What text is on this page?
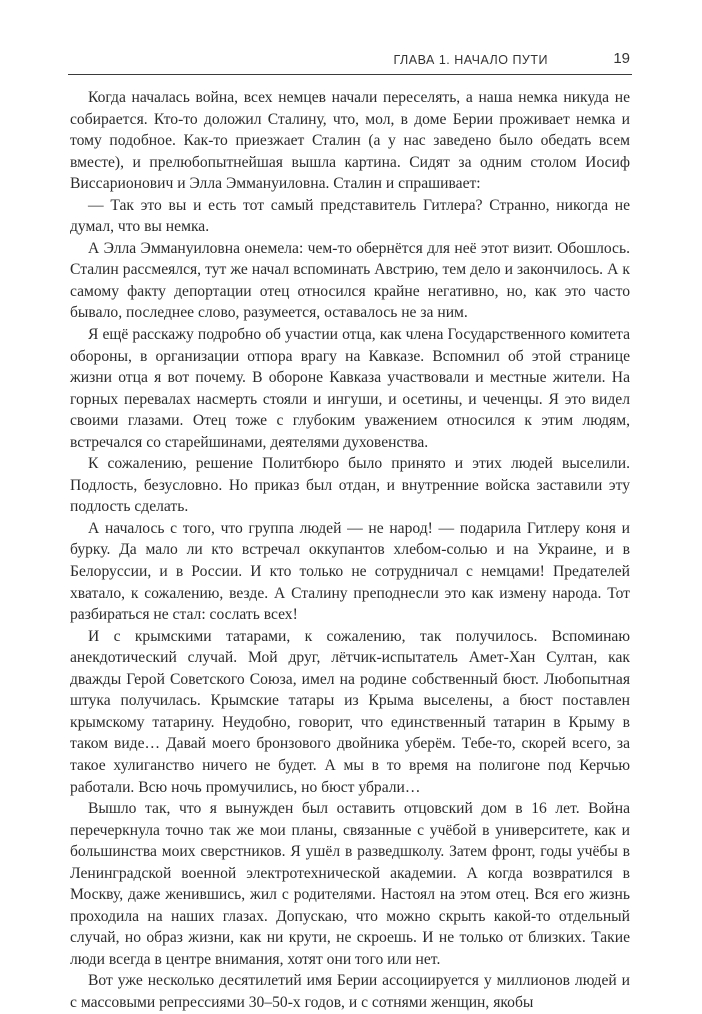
ГЛАВА 1. НАЧАЛО ПУТИ	19

Когда началась война, всех немцев начали переселять, а наша немка никуда не собирается. Кто-то доложил Сталину, что, мол, в доме Берии проживает немка и тому подобное. Как-то приезжает Сталин (а у нас заведено было обедать всем вместе), и прелюбопытнейшая вышла картина. Сидят за одним столом Иосиф Виссарионович и Элла Эммануиловна. Сталин и спрашивает:

— Так это вы и есть тот самый представитель Гитлера? Странно, никогда не думал, что вы немка.

А Элла Эммануиловна онемела: чем-то обернётся для неё этот визит. Обошлось. Сталин рассмеялся, тут же начал вспоминать Австрию, тем дело и закончилось. А к самому факту депортации отец относился крайне негативно, но, как это часто бывало, последнее слово, разумеется, оставалось не за ним.

Я ещё расскажу подробно об участии отца, как члена Государственного комитета обороны, в организации отпора врагу на Кавказе. Вспомнил об этой странице жизни отца я вот почему. В обороне Кавказа участвовали и местные жители. На горных перевалах насмерть стояли и ингуши, и осетины, и чеченцы. Я это видел своими глазами. Отец тоже с глубоким уважением относился к этим людям, встречался со старейшинами, деятелями духовенства.

К сожалению, решение Политбюро было принято и этих людей выселили. Подлость, безусловно. Но приказ был отдан, и внутренние войска заставили эту подлость сделать.

А началось с того, что группа людей — не народ! — подарила Гитлеру коня и бурку. Да мало ли кто встречал оккупантов хлебом-солью и на Украине, и в Белоруссии, и в России. И кто только не сотрудничал с немцами! Предателей хватало, к сожалению, везде. А Сталину преподнесли это как измену народа. Тот разбираться не стал: сослать всех!

И с крымскими татарами, к сожалению, так получилось. Вспоминаю анекдотический случай. Мой друг, лётчик-испытатель Амет-Хан Султан, как дважды Герой Советского Союза, имел на родине собственный бюст. Любопытная штука получилась. Крымские татары из Крыма выселены, а бюст поставлен крымскому татарину. Неудобно, говорит, что единственный татарин в Крыму в таком виде… Давай моего бронзового двойника уберём. Тебе-то, скорей всего, за такое хулиганство ничего не будет. А мы в то время на полигоне под Керчью работали. Всю ночь промучились, но бюст убрали…

Вышло так, что я вынужден был оставить отцовский дом в 16 лет. Война перечеркнула точно так же мои планы, связанные с учёбой в университете, как и большинства моих сверстников. Я ушёл в разведшколу. Затем фронт, годы учёбы в Ленинградской военной электротехнической академии. А когда возвратился в Москву, даже женившись, жил с родителями. Настоял на этом отец. Вся его жизнь проходила на наших глазах. Допускаю, что можно скрыть какой-то отдельный случай, но образ жизни, как ни крути, не скроешь. И не только от близких. Такие люди всегда в центре внимания, хотят они того или нет.

Вот уже несколько десятилетий имя Берии ассоциируется у миллионов людей и с массовыми репрессиями 30–50-х годов, и с сотнями женщин, якобы
